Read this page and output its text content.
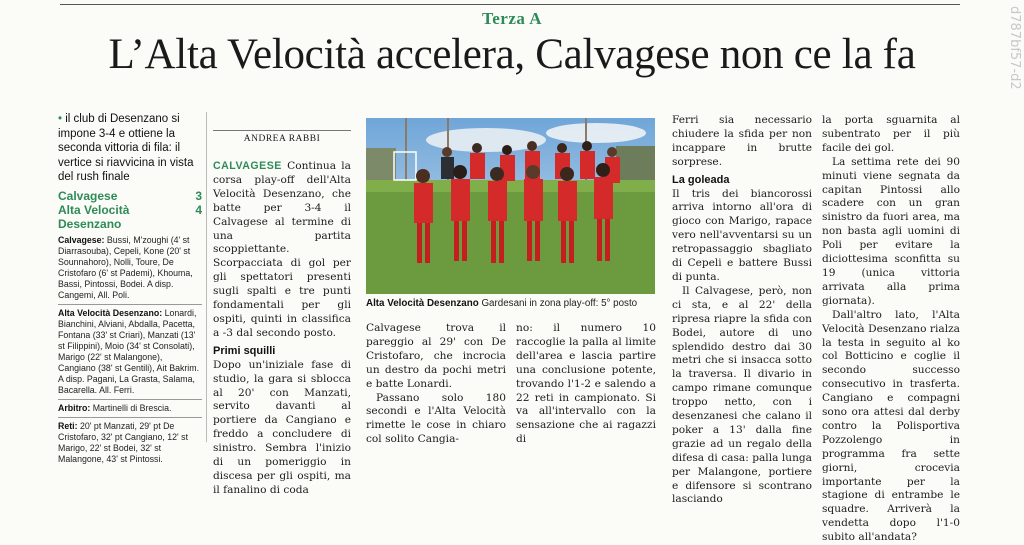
Terza A
L’Alta Velocità accelera, Calvagese non ce la fa	d787bf57-d2
• il club di Desenzano si impone 3-4 e ottiene la seconda vittoria di fila: il vertice si riavvicina in vista del rush finale
Calvagese	3
Alta Velocità Desenzano
4
Calvagese: Bussi, M'zoughi (4' st Diarrasouba), Cepeli, Kone (20' st Sounnahoro), Nolli, Toure, De Cristofaro (6' st Pademi), Khouma, Bassi, Pintossi, Bodei. A disp. Cangemi, All. Poli.
Alta Velocità Desenzano: Lonardi, Bianchini, Alviani, Abdalla, Pacetta, Fontana (33' st Criari), Manzati (13' st Filippini), Moio (34' st Consolati), Marigo (22' st Malangone), Cangiano (38' st Gentili), Ait Bakrim. A disp. Pagani, La Grasta, Salama, Bacarella. All. Ferri.
Arbitro: Martinelli di Brescia.
Reti: 20' pt Manzati, 29' pt De Cristofaro, 32' pt Cangiano, 12' st Marigo, 22' st Bodei, 32' st Malangone, 43' st Pintossi.
ANDREA RABBI
CALVAGESE Continua la corsa play-off dell'Alta Velocità Desenzano, che batte per 3-4 il Calvagese al termine di una partita scoppiettante. Scorpacciata di gol per gli spettatori presenti sugli spalti e tre punti fondamentali per gli ospiti, quinti in classifica a -3 dal secondo posto.
Primi squilli
Dopo un'iniziale fase di studio, la gara si sblocca al 20' con Manzati, servito davanti al portiere da Cangiano e freddo a concludere di sinistro. Sembra l'inizio di un pomeriggio in discesa per gli ospiti, ma il fanalino di coda
Alta Velocità Desenzano Gardesani in zona play-off: 5° posto
Calvagese trova il pareggio al 29' con De Cristofaro, che incrocia un destro da pochi metri e batte Lonardi.
Passano solo 180 secondi e l'Alta Velocità rimette le cose in chiaro col solito Cangia-
no: il numero 10 raccoglie la palla al limite dell'area e lascia partire una conclusione potente, trovando l'1-2 e salendo a 22 reti in campionato. Si va all'intervallo con la sensazione che ai ragazzi di
Ferri sia necessario chiudere la sfida per non incappare in brutte sorprese.
La goleada
Il tris dei biancorossi arriva intorno all'ora di gioco con Marigo, rapace vero nell'avventarsi su un retropassaggio sbagliato di Cepeli e battere Bussi di punta.
Il Calvagese, però, non ci sta, e al 22' della ripresa riapre la sfida con Bodei, autore di uno splendido destro dai 30 metri che si insacca sotto la traversa. Il divario in campo rimane comunque troppo netto, con i desenzanesi che calano il poker a 13' dalla fine grazie ad un regalo della difesa di casa: palla lunga per Malangone, portiere e difensore si scontrano lasciando
la porta sguarnita al subentrato per il più facile dei gol.
La settima rete dei 90 minuti viene segnata da capitan Pintossi allo scadere con un gran sinistro da fuori area, ma non basta agli uomini di Poli per evitare la diciottesima sconfitta su 19 (unica vittoria arrivata alla prima giornata).
Dall'altro lato, l'Alta Velocità Desenzano rialza la testa in seguito al ko col Botticino e coglie il secondo successo consecutivo in trasferta. Cangiano e compagni sono ora attesi dal derby contro la Polisportiva Pozzolengo in programma fra sette giorni, crocevia importante per la stagione di entrambe le squadre. Arriverà la vendetta dopo l'1-0 subito all'andata?
